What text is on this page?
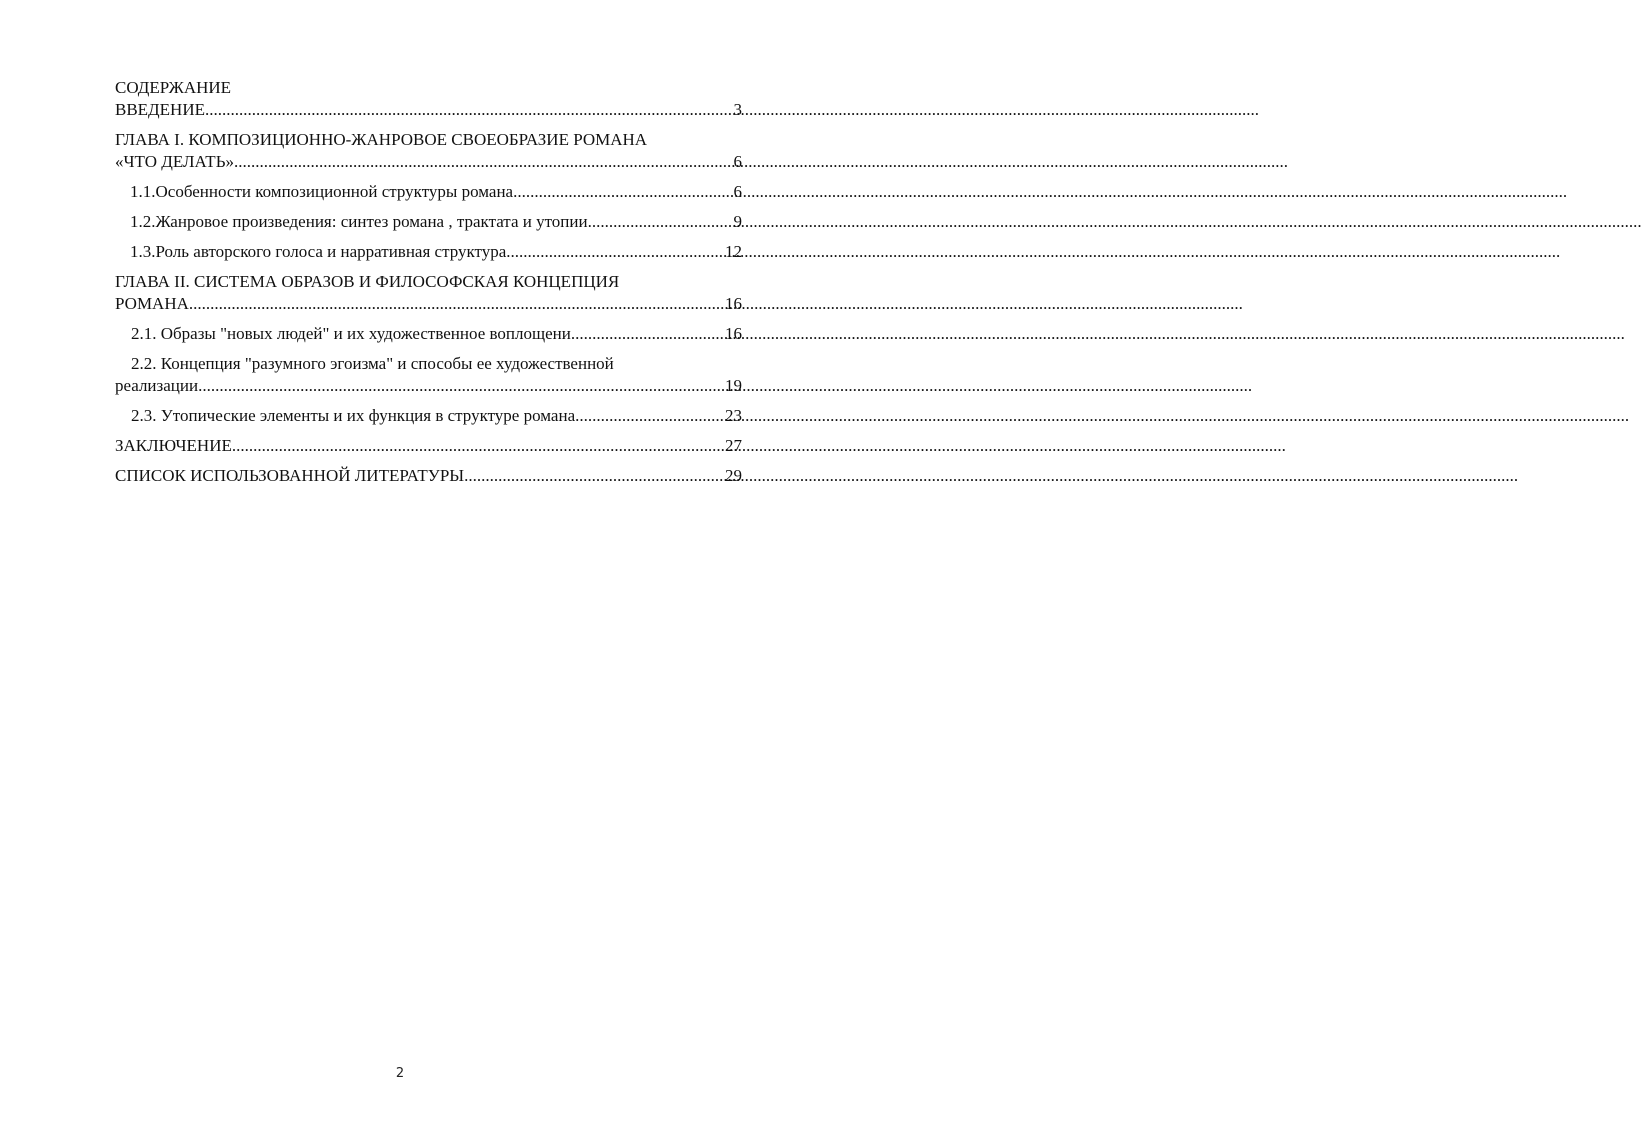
СОДЕРЖАНИЕ
ВВЕДЕНИЕ .....	3
ГЛАВА I. КОМПОЗИЦИОННО-ЖАНРОВОЕ СВОЕОБРАЗИЕ РОМАНА
«ЧТО ДЕЛАТЬ» .....	6
1.1. Особенности композиционной структуры романа .....	6
1.2. Жанровое произведения: синтез романа , трактата и утопии .....	9
1.3. Роль авторского голоса и нарративная структура .....	12
ГЛАВА II. СИСТЕМА ОБРАЗОВ И ФИЛОСОФСКАЯ КОНЦЕПЦИЯ
РОМАНА .....	16
2.1. Образы "новых людей" и их художественное воплощени .....	16
2.2. Концепция "разумного эгоизма" и способы ее художественной
реализации .....	19
2.3. Утопические элементы и их функция в структуре романа .....	23
ЗАКЛЮЧЕНИЕ .....	27
СПИСОК ИСПОЛЬЗОВАННОЙ ЛИТЕРАТУРЫ .....	29
2
